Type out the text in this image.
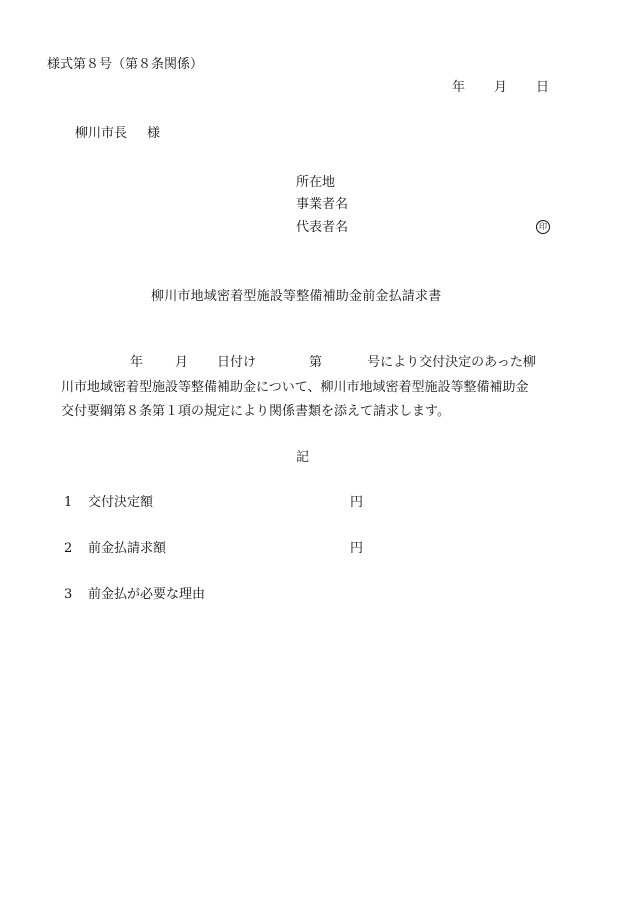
様式第８号（第８条関係）
年 月 日
柳川市長 様
所在地
事業者名
代表者名	印
柳川市地域密着型施設等整備補助金前金払請求書
年 月 日付け	第	号により交付決定のあった柳
川市地域密着型施設等整備補助金について、柳川市地域密着型施設等整備補助金
交付要綱第８条第１項の規定により関係書類を添えて請求します。
記
1 交付決定額	円
2 前金払請求額	円
3 前金払が必要な理由
